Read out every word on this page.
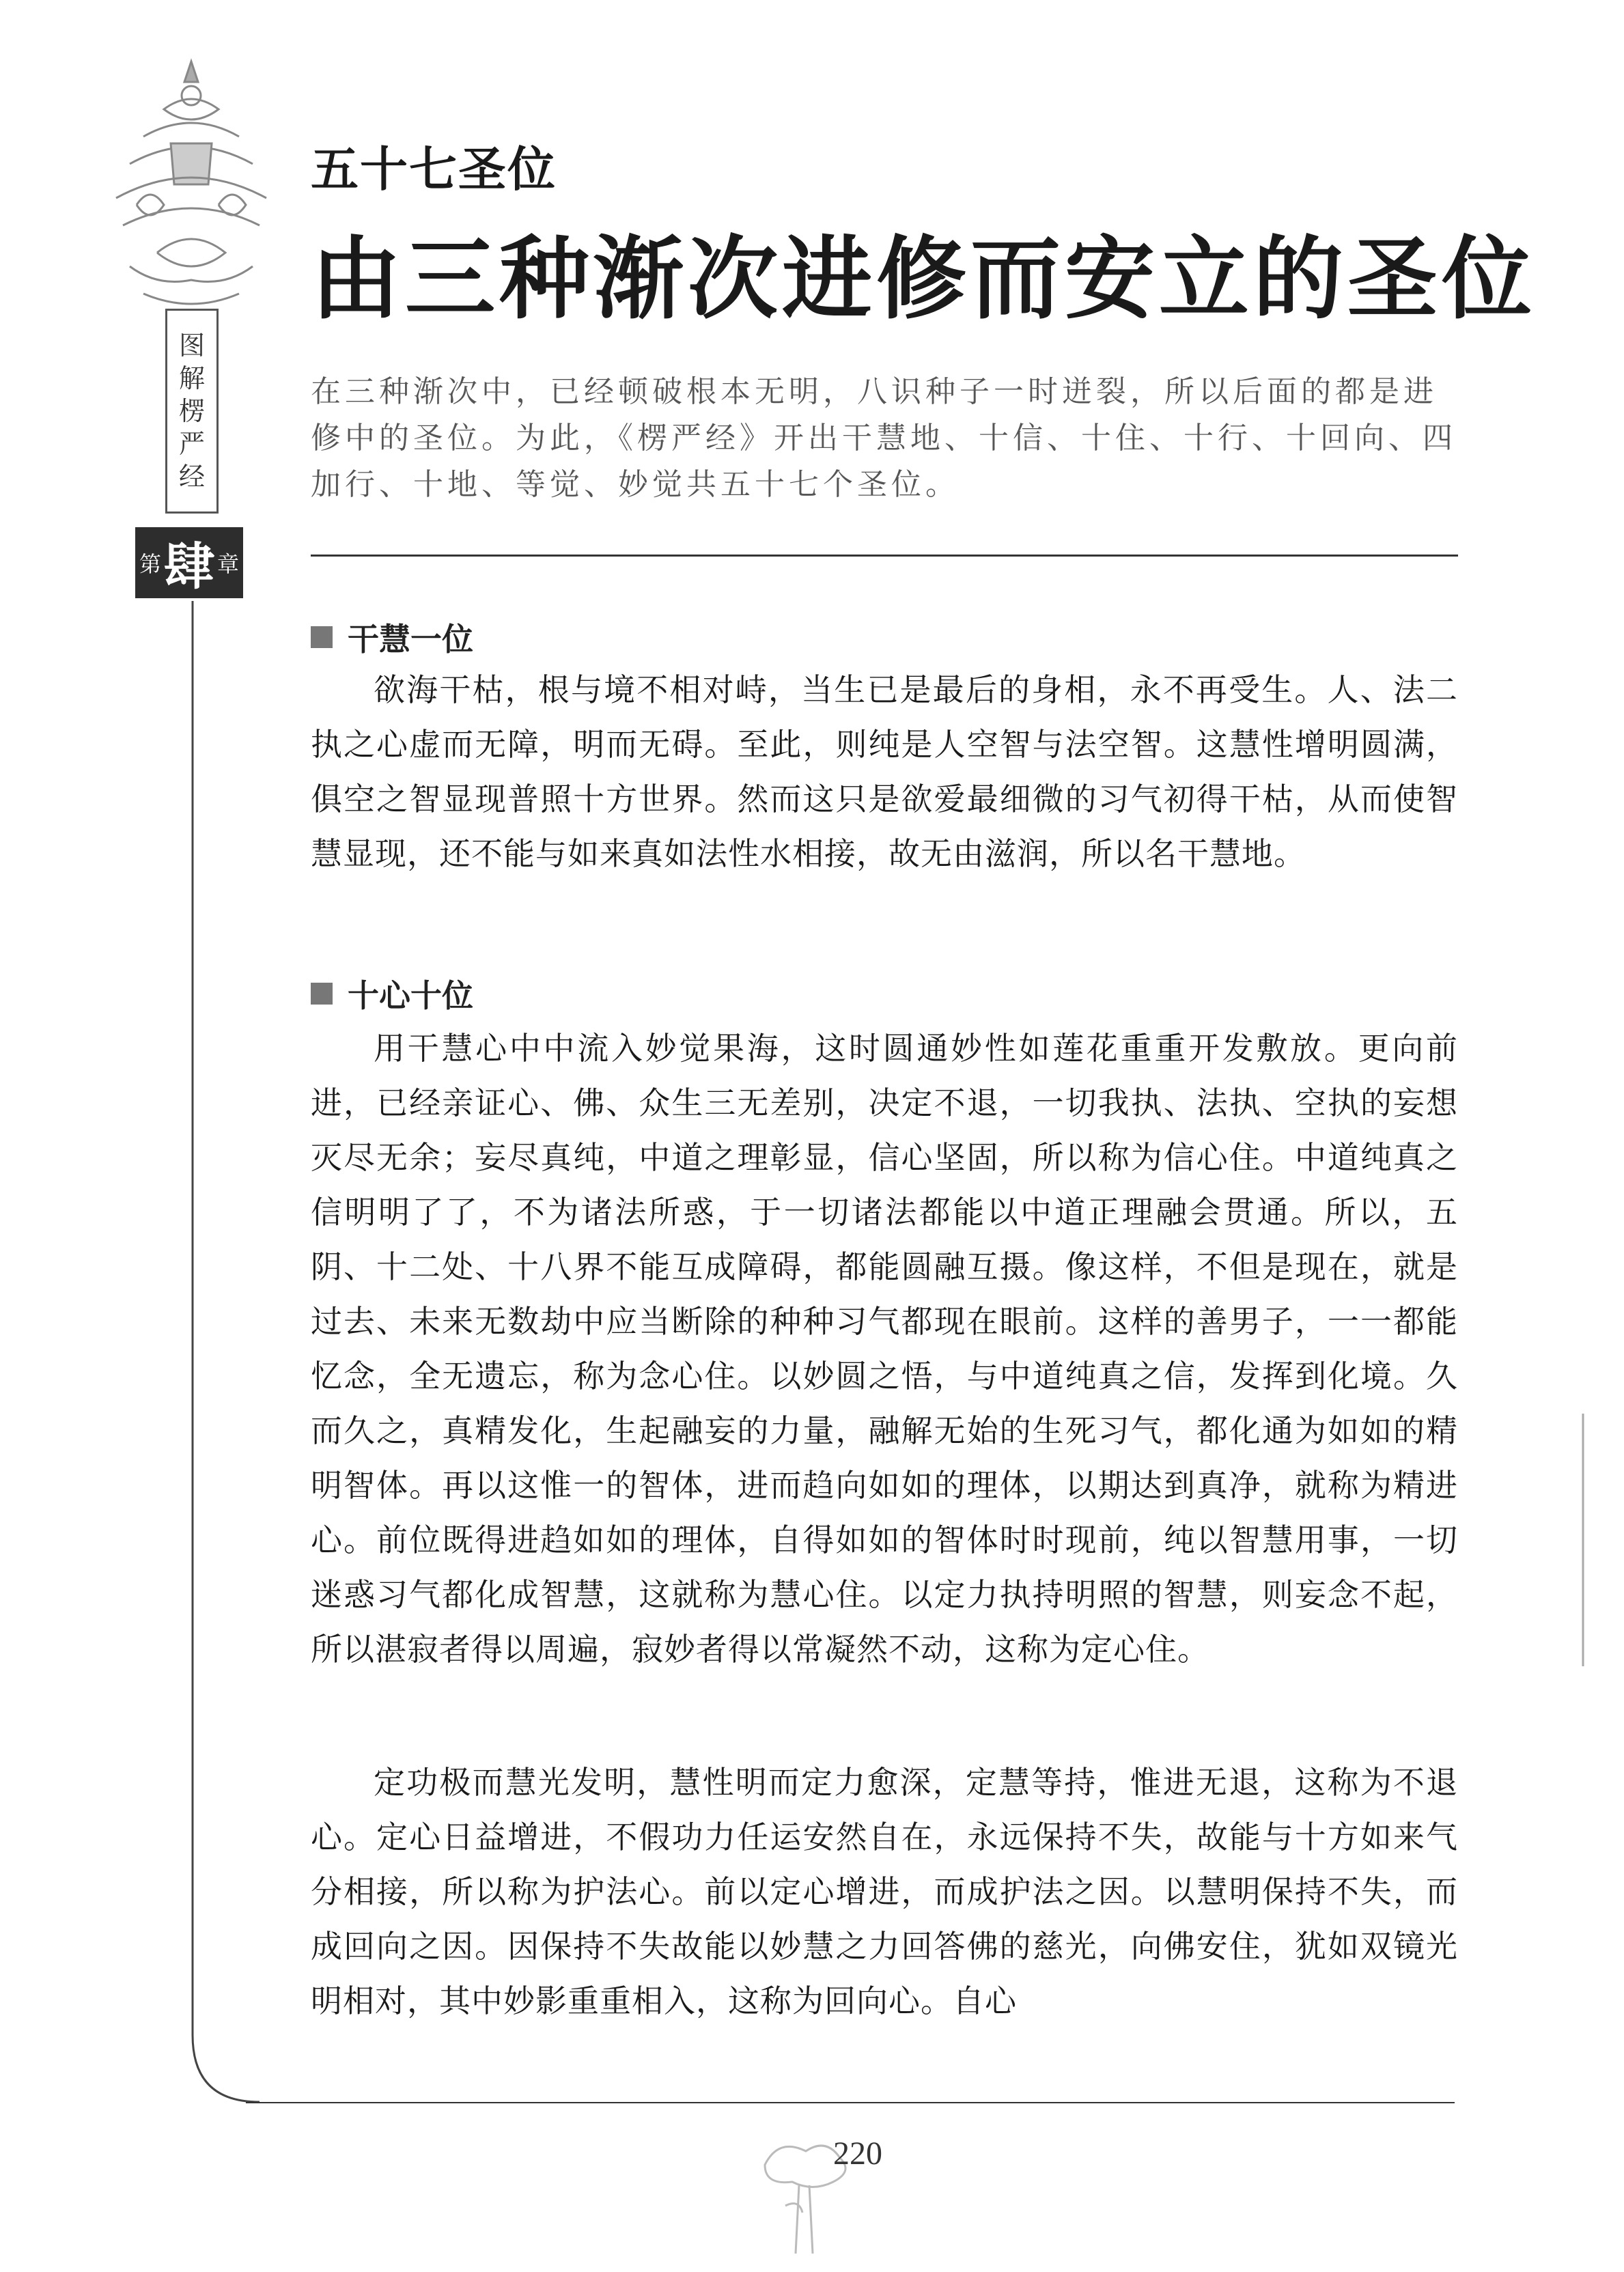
图
解
楞
严
经
第 肆 章
五十七圣位
由三种渐次进修而安立的圣位
在三种渐次中，已经顿破根本无明，八识种子一时迸裂，所以后面的都是进修中的圣位。为此，《楞严经》开出干慧地、十信、十住、十行、十回向、四加行、十地、等觉、妙觉共五十七个圣位。
干慧一位

欲海干枯，根与境不相对峙，当生已是最后的身相，永不再受生。人、法二执之心虚而无障，明而无碍。至此，则纯是人空智与法空智。这慧性增明圆满，俱空之智显现普照十方世界。然而这只是欲爱最细微的习气初得干枯，从而使智慧显现，还不能与如来真如法性水相接，故无由滋润，所以名干慧地。

十心十位

用干慧心中中流入妙觉果海，这时圆通妙性如莲花重重开发敷放。更向前进，已经亲证心、佛、众生三无差别，决定不退，一切我执、法执、空执的妄想灭尽无余；妄尽真纯，中道之理彰显，信心坚固，所以称为信心住。中道纯真之信明明了了，不为诸法所惑，于一切诸法都能以中道正理融会贯通。所以，五阴、十二处、十八界不能互成障碍，都能圆融互摄。像这样，不但是现在，就是过去、未来无数劫中应当断除的种种习气都现在眼前。这样的善男子，一一都能忆念，全无遗忘，称为念心住。以妙圆之悟，与中道纯真之信，发挥到化境。久而久之，真精发化，生起融妄的力量，融解无始的生死习气，都化通为如如的精明智体。再以这惟一的智体，进而趋向如如的理体，以期达到真净，就称为精进心。前位既得进趋如如的理体，自得如如的智体时时现前，纯以智慧用事，一切迷惑习气都化成智慧，这就称为慧心住。以定力执持明照的智慧，则妄念不起，所以湛寂者得以周遍，寂妙者得以常凝然不动，这称为定心住。

定功极而慧光发明，慧性明而定力愈深，定慧等持，惟进无退，这称为不退心。定心日益增进，不假功力任运安然自在，永远保持不失，故能与十方如来气分相接，所以称为护法心。前以定心增进，而成护法之因。以慧明保持不失，而成回向之因。因保持不失故能以妙慧之力回答佛的慈光，向佛安住，犹如双镜光明相对，其中妙影重重相入，这称为回向心。自心

220
